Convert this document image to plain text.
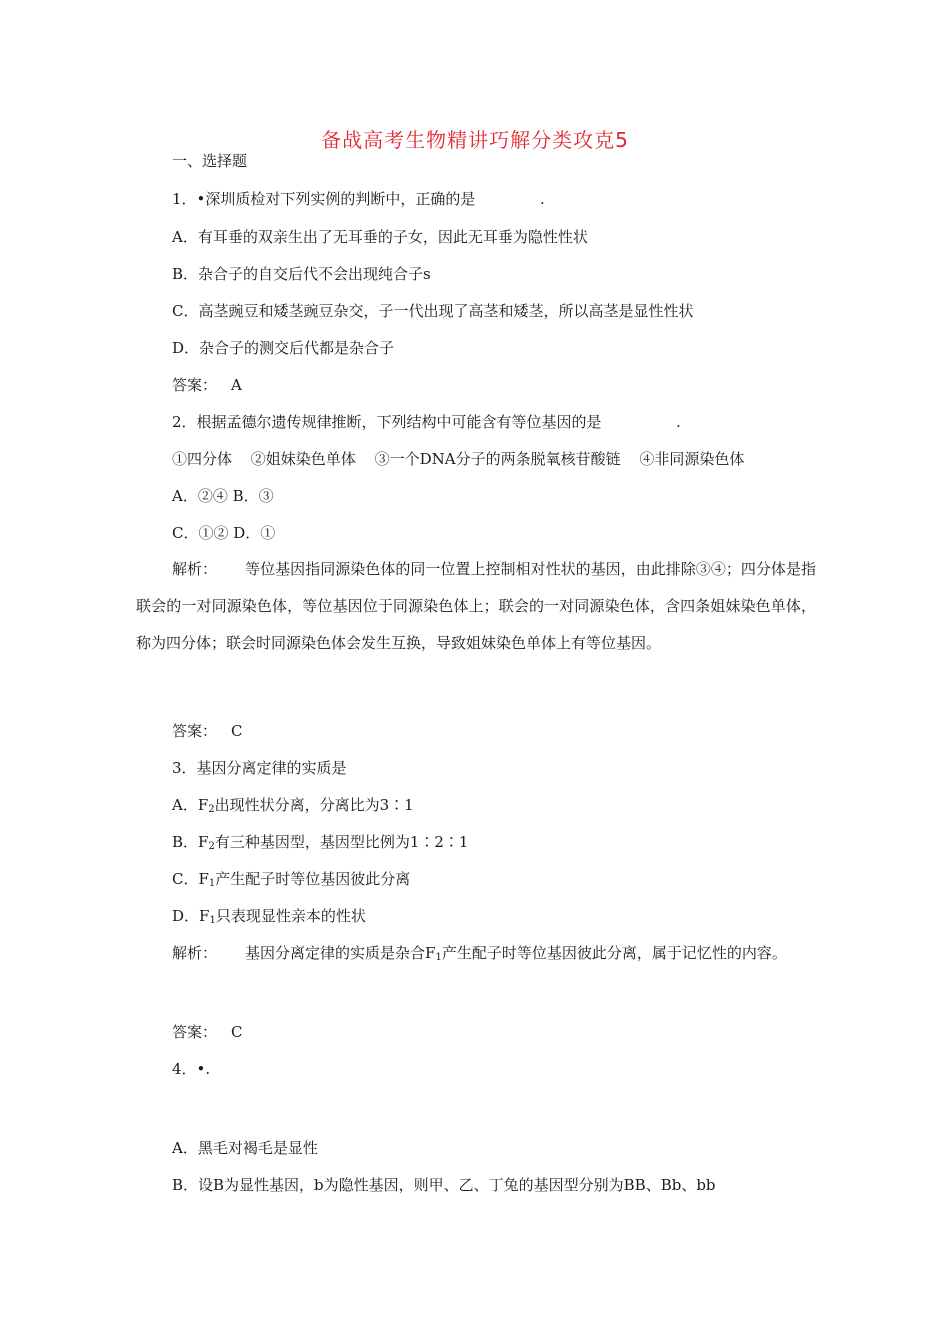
备战高考生物精讲巧解分类攻克5
一、选择题
1．•深圳质检对下列实例的判断中，正确的是	.
A．有耳垂的双亲生出了无耳垂的子女，因此无耳垂为隐性性状
B．杂合子的自交后代不会出现纯合子s
C．高茎豌豆和矮茎豌豆杂交，子一代出现了高茎和矮茎，所以高茎是显性性状
D．杂合子的测交后代都是杂合子
答案： A
2．根据孟德尔遗传规律推断，下列结构中可能含有等位基因的是	.
①四分体 ②姐妹染色单体 ③一个DNA分子的两条脱氧核苷酸链 ④非同源染色体
A．②④ B．③
C．①② D．①
解析： 等位基因指同源染色体的同一位置上控制相对性状的基因，由此排除③④；四分体是指联会的一对同源染色体，等位基因位于同源染色体上；联会的一对同源染色体，含四条姐妹染色单体，称为四分体；联会时同源染色体会发生互换，导致姐妹染色单体上有等位基因。
答案： C
3．基因分离定律的实质是
A．$F_2$出现性状分离，分离比为3∶1
B．$F_2$有三种基因型，基因型比例为1∶2∶1
C．$F_1$产生配子时等位基因彼此分离
D．$F_1$只表现显性亲本的性状
解析： 基因分离定律的实质是杂合$F_1$产生配子时等位基因彼此分离，属于记忆性的内容。
答案： C
4．•.
A．黑毛对褐毛是显性
B．设B为显性基因，b为隐性基因，则甲、乙、丁兔的基因型分别为BB、Bb、bb
